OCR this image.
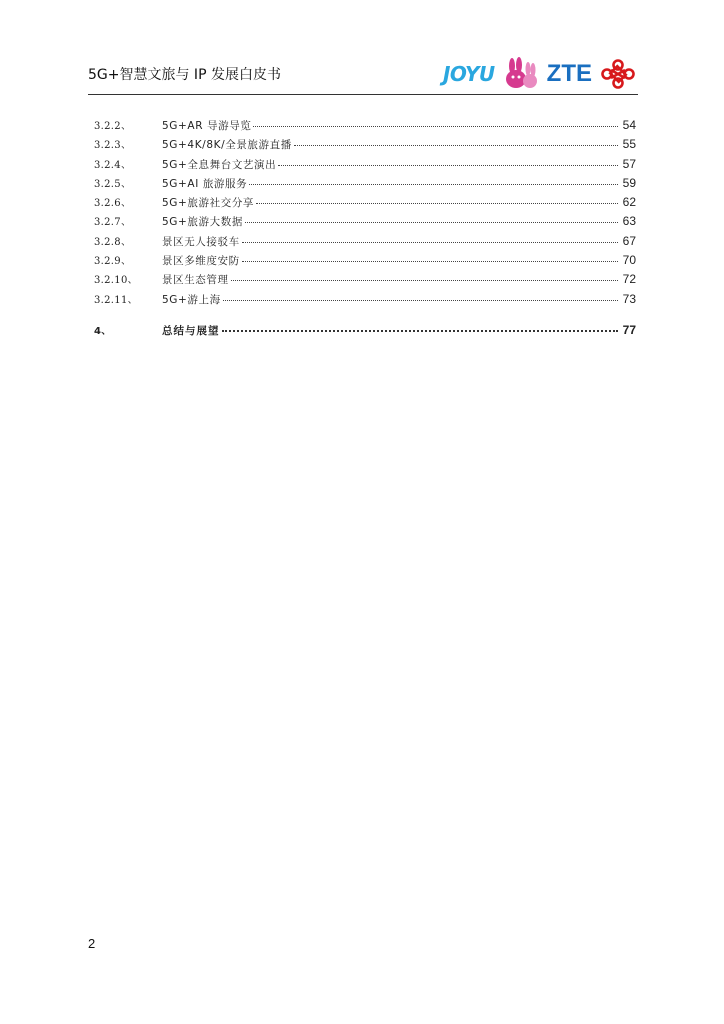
5G+智慧文旅与 IP 发展白皮书	JOYU ZTE
3.2.2、	5G+AR 导游导览	54
3.2.3、	5G+4K/8K/全景旅游直播	55
3.2.4、	5G+全息舞台文艺演出	57
3.2.5、	5G+AI 旅游服务	59
3.2.6、	5G+旅游社交分享	62
3.2.7、	5G+旅游大数据	63
3.2.8、	景区无人接驳车	67
3.2.9、	景区多维度安防	70
3.2.10、	景区生态管理	72
3.2.11、	5G+游上海	73
4、	总结与展望	77
2
